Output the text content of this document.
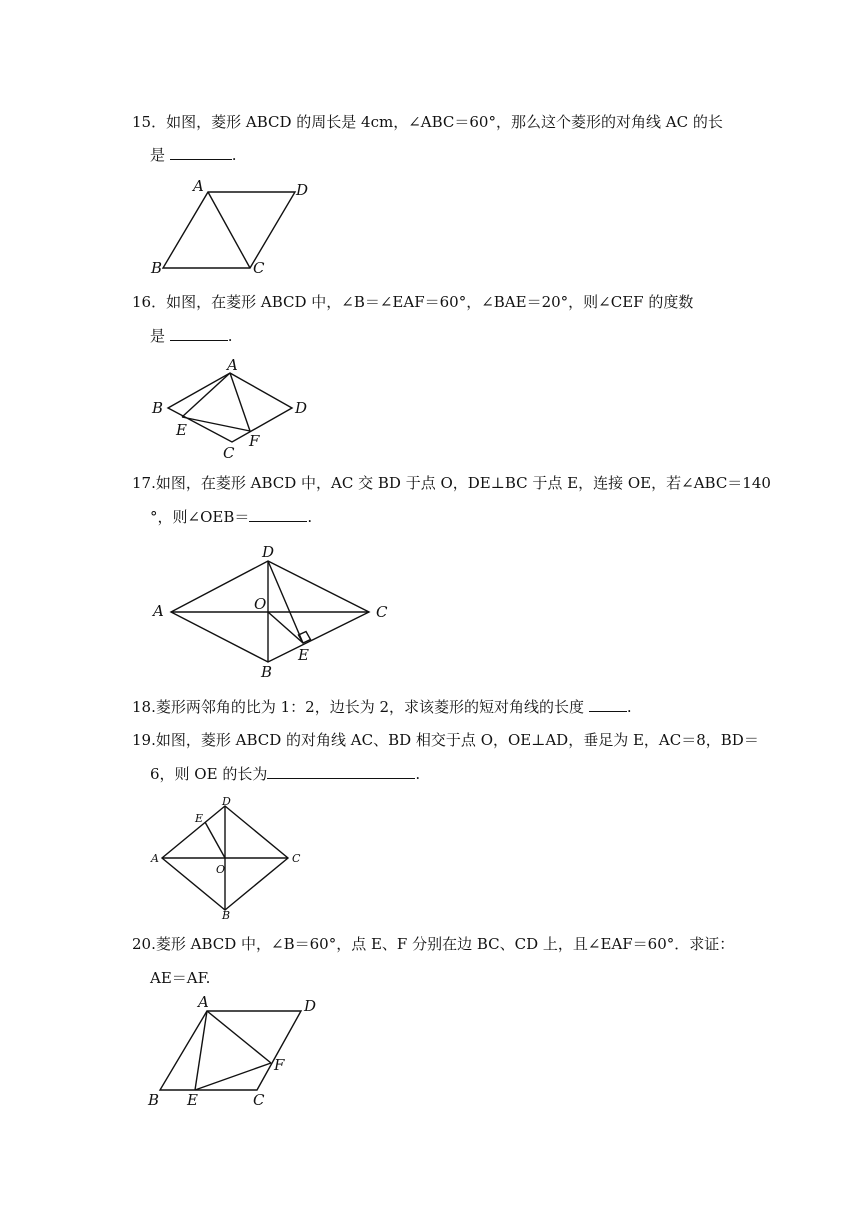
15．如图，菱形 ABCD 的周长是 4cm，∠ABC＝60°，那么这个菱形的对角线 AC 的长
是	.
A	D
B	C
16．如图，在菱形 ABCD 中，∠B＝∠EAF＝60°，∠BAE＝20°，则∠CEF 的度数
是	.
A
B	D
E
F
C
17.如图，在菱形 ABCD 中，AC 交 BD 于点 O，DE⊥BC 于点 E，连接 OE，若∠ABC＝140
°，则∠OEB＝	.
D
A	O	C
E
B
18.菱形两邻角的比为 1：2，边长为 2，求该菱形的短对角线的长度	.
19.如图，菱形 ABCD 的对角线 AC、BD 相交于点 O，OE⊥AD，垂足为 E，AC＝8，BD＝
6，则 OE 的长为	.
D
E
A	C
O
B
20.菱形 ABCD 中，∠B＝60°，点 E、F 分别在边 BC、CD 上，且∠EAF＝60°．求证：
AE＝AF.
A	D
F
B E	C
